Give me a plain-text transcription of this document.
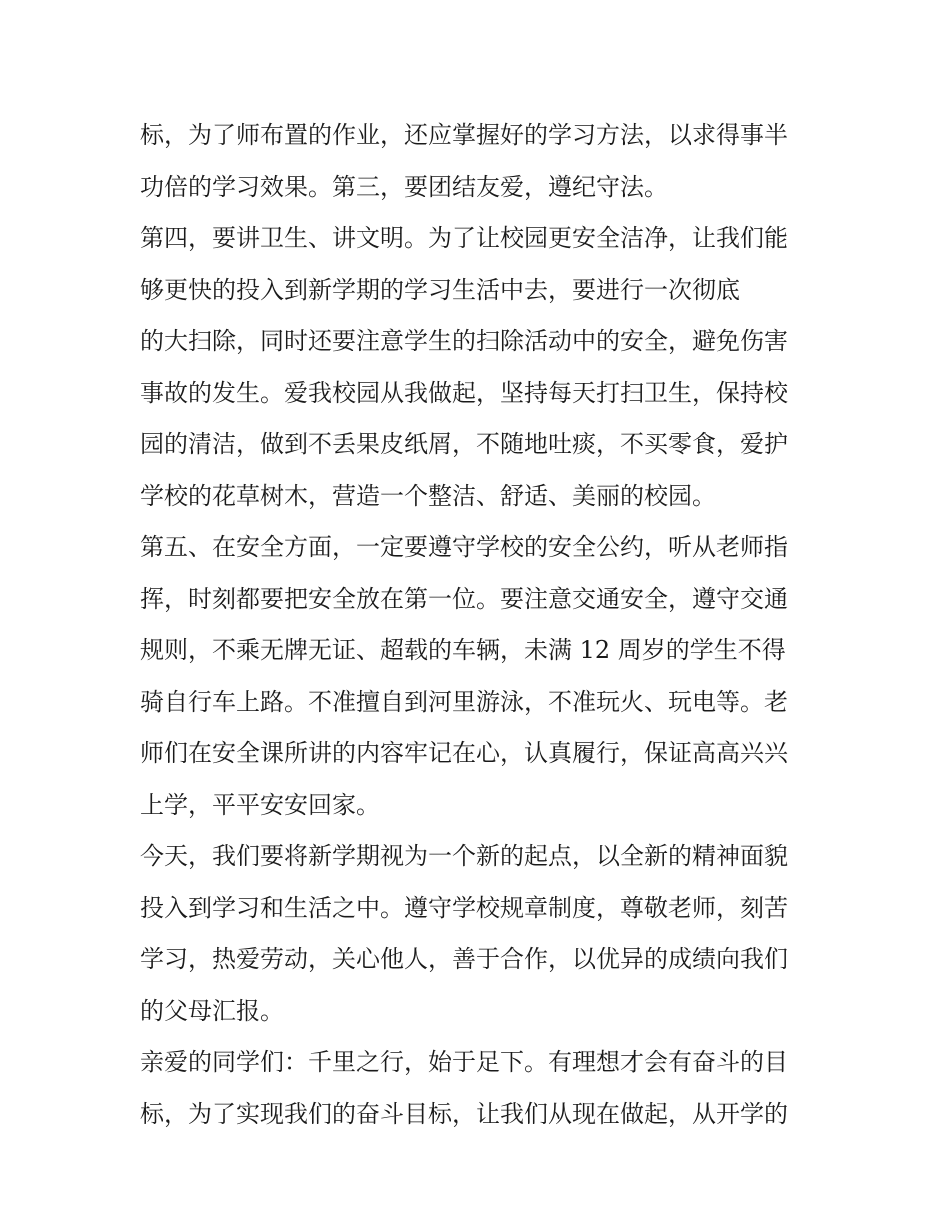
标，为了师布置的作业，还应掌握好的学习方法，以求得事半
功倍的学习效果。第三，要团结友爱，遵纪守法。
第四，要讲卫生、讲文明。为了让校园更安全洁净，让我们能
够更快的投入到新学期的学习生活中去，要进行一次彻底
的大扫除，同时还要注意学生的扫除活动中的安全，避免伤害
事故的发生。爱我校园从我做起，坚持每天打扫卫生，保持校
园的清洁，做到不丢果皮纸屑，不随地吐痰，不买零食，爱护
学校的花草树木，营造一个整洁、舒适、美丽的校园。
第五、在安全方面，一定要遵守学校的安全公约，听从老师指
挥，时刻都要把安全放在第一位。要注意交通安全，遵守交通
规则，不乘无牌无证、超载的车辆，未满 12 周岁的学生不得
骑自行车上路。不准擅自到河里游泳，不准玩火、玩电等。老
师们在安全课所讲的内容牢记在心，认真履行，保证高高兴兴
上学，平平安安回家。
今天，我们要将新学期视为一个新的起点，以全新的精神面貌
投入到学习和生活之中。遵守学校规章制度，尊敬老师，刻苦
学习，热爱劳动，关心他人，善于合作，以优异的成绩向我们
的父母汇报。
亲爱的同学们：千里之行，始于足下。有理想才会有奋斗的目
标，为了实现我们的奋斗目标，让我们从现在做起，从开学的
